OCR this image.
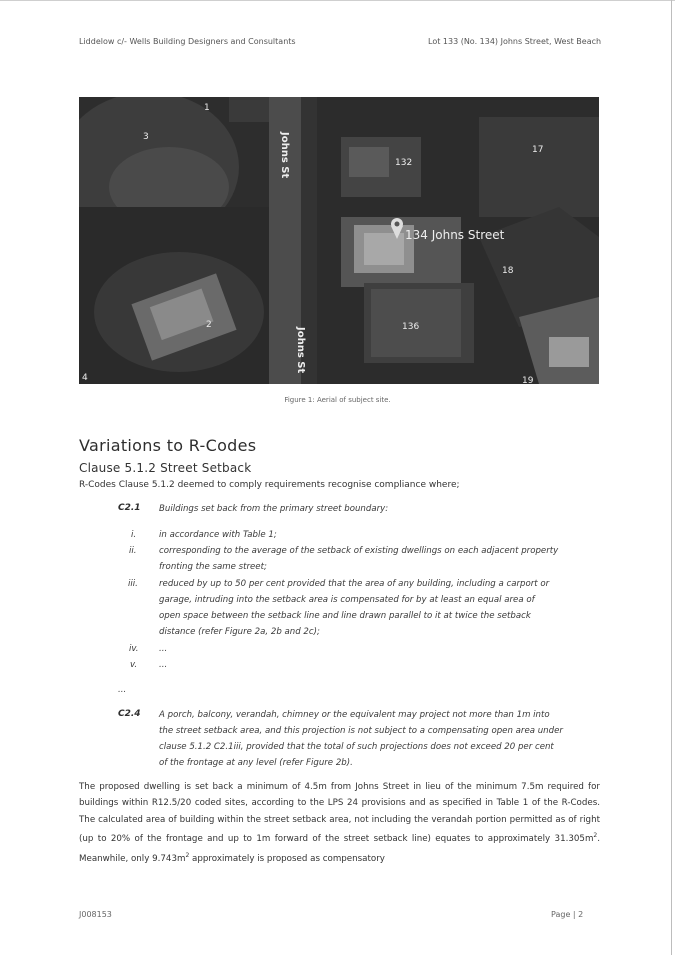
Liddelow c/- Wells Building Designers and Consultants	Lot 133 (No. 134) Johns Street, West Beach
1
3
132
17
134 Johns Street
18
2	136
4	19
Johns St
Johns St
Figure 1: Aerial of subject site.
Variations to R-Codes
Clause 5.1.2 Street Setback
R-Codes Clause 5.1.2 deemed to comply requirements recognise compliance where;
C2.1 Buildings set back from the primary street boundary:
i.	in accordance with Table 1;
ii.	corresponding to the average of the setback of existing dwellings on each adjacent property
fronting the same street;
iii. reduced by up to 50 per cent provided that the area of any building, including a carport or
garage, intruding into the setback area is compensated for by at least an equal area of
open space between the setback line and line drawn parallel to it at twice the setback
distance (refer Figure 2a, 2b and 2c);
iv. ...
v.	...
...
C2.4 A porch, balcony, verandah, chimney or the equivalent may project not more than 1m into
the street setback area, and this projection is not subject to a compensating open area under
clause 5.1.2 C2.1iii, provided that the total of such projections does not exceed 20 per cent
of the frontage at any level (refer Figure 2b).
The proposed dwelling is set back a minimum of 4.5m from Johns Street in lieu of the minimum 7.5m required for buildings within R12.5/20 coded sites, according to the LPS 24 provisions and as specified in Table 1 of the R-Codes. The calculated area of building within the street setback area, not including the verandah portion permitted as of right (up to 20% of the frontage and up to 1m forward of the street setback line) equates to approximately $31.305m^2$. Meanwhile, only $9.743m^2$ approximately is proposed as compensatory
J008153	Page | 2
